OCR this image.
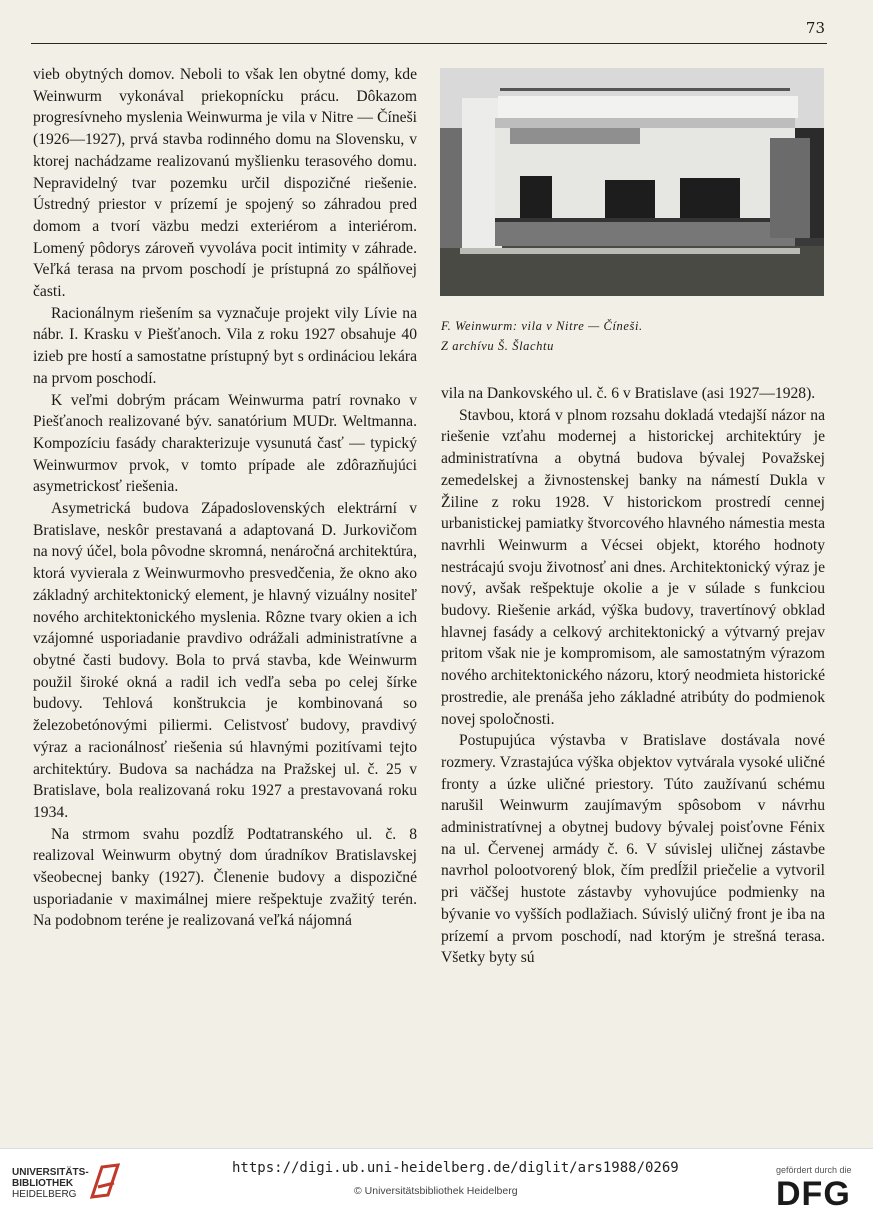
73

vieb obytných domov. Neboli to však len obytné domy, kde Weinwurm vykonával priekopnícku prácu. Dôkazom progresívneho myslenia Weinwurma je vila v Nitre — Číneši (1926—1927), prvá stavba rodinného domu na Slovensku, v ktorej nachádzame realizovanú myšlienku terasového domu. Nepravidelný tvar pozemku určil dispozičné riešenie. Ústredný priestor v prízemí je spojený so záhradou pred domom a tvorí väzbu medzi exteriérom a interiérom. Lomený pôdorys zároveň vyvoláva pocit intimity v záhrade. Veľká terasa na prvom poschodí je prístupná zo spálňovej časti.

Racionálnym riešením sa vyznačuje projekt vily Lívie na nábr. I. Krasku v Piešťanoch. Vila z roku 1927 obsahuje 40 izieb pre hostí a samostatne prístupný byt s ordináciou lekára na prvom poschodí.

K veľmi dobrým prácam Weinwurma patrí rovnako v Piešťanoch realizované býv. sanatórium MUDr. Weltmanna. Kompozíciu fasády charakterizuje vysunutá časť — typický Weinwurmov prvok, v tomto prípade ale zdôrazňujúci asymetrickosť riešenia.

Asymetrická budova Západoslovenských elektrární v Bratislave, neskôr prestavaná a adaptovaná D. Jurkovičom na nový účel, bola pôvodne skromná, nenáročná architektúra, ktorá vyvierala z Weinwurmovho presvedčenia, že okno ako základný architektonický element, je hlavný vizuálny nositeľ nového architektonického myslenia. Rôzne tvary okien a ich vzájomné usporiadanie pravdivo odrážali administratívne a obytné časti budovy. Bola to prvá stavba, kde Weinwurm použil široké okná a radil ich vedľa seba po celej šírke budovy. Tehlová konštrukcia je kombinovaná so železobetónovými piliermi. Celistvosť budovy, pravdivý výraz a racionálnosť riešenia sú hlavnými pozitívami tejto architektúry. Budova sa nachádza na Pražskej ul. č. 25 v Bratislave, bola realizovaná roku 1927 a prestavovaná roku 1934.

Na strmom svahu pozdĺž Podtatranského ul. č. 8 realizoval Weinwurm obytný dom úradníkov Bratislavskej všeobecnej banky (1927). Členenie budovy a dispozičné usporiadanie v maximálnej miere rešpektuje zvažitý terén. Na podobnom teréne je realizovaná veľká nájomná

F. Weinwurm: vila v Nitre — Číneši.
Z archívu Š. Šlachtu

vila na Dankovského ul. č. 6 v Bratislave (asi 1927—1928).

Stavbou, ktorá v plnom rozsahu dokladá vtedajší názor na riešenie vzťahu modernej a historickej architektúry je administratívna a obytná budova bývalej Považskej zemedelskej a živnostenskej banky na námestí Dukla v Žiline z roku 1928. V historickom prostredí cennej urbanistickej pamiatky štvorcového hlavného námestia mesta navrhli Weinwurm a Vécsei objekt, ktorého hodnoty nestrácajú svoju životnosť ani dnes. Architektonický výraz je nový, avšak rešpektuje okolie a je v súlade s funkciou budovy. Riešenie arkád, výška budovy, travertínový obklad hlavnej fasády a celkový architektonický a výtvarný prejav pritom však nie je kompromisom, ale samostatným výrazom nového architektonického názoru, ktorý neodmieta historické prostredie, ale prenáša jeho základné atribúty do podmienok novej spoločnosti.

Postupujúca výstavba v Bratislave dostávala nové rozmery. Vzrastajúca výška objektov vytvárala vysoké uličné fronty a úzke uličné priestory. Túto zaužívanú schému narušil Weinwurm zaujímavým spôsobom v návrhu administratívnej a obytnej budovy bývalej poisťovne Fénix na ul. Červenej armády č. 6. V súvislej uličnej zástavbe navrhol polootvorený blok, čím predĺžil priečelie a vytvoril pri väčšej hustote zástavby vyhovujúce podmienky na bývanie vo vyšších podlažiach. Súvislý uličný front je iba na prízemí a prvom poschodí, nad ktorým je strešná terasa. Všetky byty sú

UNIVERSITÄTS-
BIBLIOTHEK
HEIDELBERG
https://digi.ub.uni-heidelberg.de/diglit/ars1988/0269
© Universitätsbibliothek Heidelberg
gefördert durch die
DFG
